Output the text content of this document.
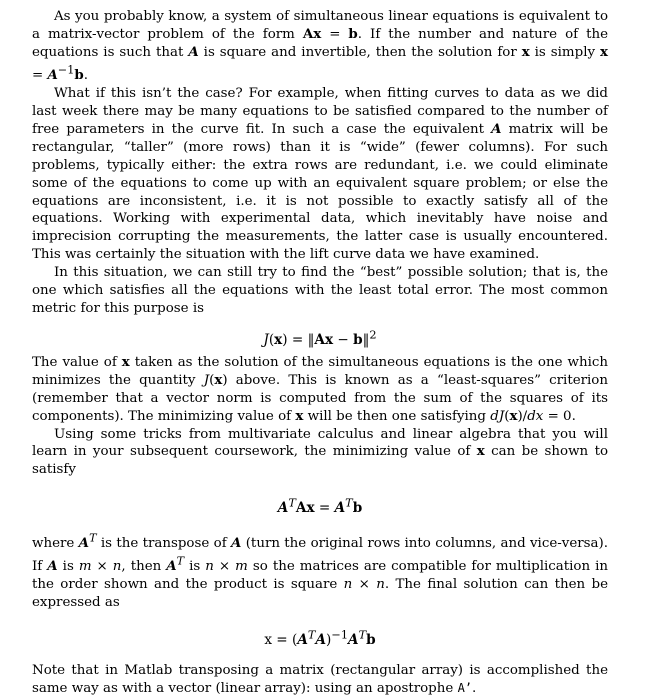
As you probably know, a system of simultaneous linear equations is equivalent to a matrix-vector problem of the form Ax = b. If the number and nature of the equations is such that A is square and invertible, then the solution for x is simply $x = A^{-1}b$.

What if this isn’t the case? For example, when fitting curves to data as we did last week there may be many equations to be satisfied compared to the number of free parameters in the curve fit. In such a case the equivalent A matrix will be rectangular, “taller” (more rows) than it is “wide” (fewer columns). For such problems, typically either: the extra rows are redundant, i.e. we could eliminate some of the equations to come up with an equivalent square problem; or else the equations are inconsistent, i.e. it is not possible to exactly satisfy all of the equations. Working with experimental data, which inevitably have noise and imprecision corrupting the measurements, the latter case is usually encountered. This was certainly the situation with the lift curve data we have examined.

In this situation, we can still try to find the “best” possible solution; that is, the one which satisfies all the equations with the least total error. The most common metric for this purpose is

J(x) = ‖Ax − b‖$^2$

The value of x taken as the solution of the simultaneous equations is the one which minimizes the quantity J(x) above. This is known as a “least-squares” criterion (remember that a vector norm is computed from the sum of the squares of its components). The minimizing value of x will be then one satisfying dJ(x)/dx = 0.

Using some tricks from multivariate calculus and linear algebra that you will learn in your subsequent coursework, the minimizing value of x can be shown to satisfy

$A^TAx = A^Tb$

where $A^T$ is the transpose of A (turn the original rows into columns, and vice-versa). If A is m × n, then $A^T$ is n × m so the matrices are compatible for multiplication in the order shown and the product is square n × n. The final solution can then be expressed as

$x = (A^TA)^{-1}A^Tb$

Note that in Matlab transposing a matrix (rectangular array) is accomplished the same way as with a vector (linear array): using an apostrophe A’.
